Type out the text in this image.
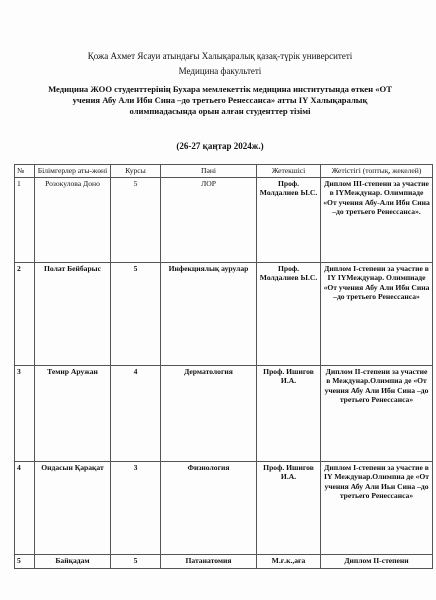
Қожа Ахмет Ясауи атындағы Халықаралық қазақ-түрік университеті
Медицина факультеті
Медицина ЖОО студенттерінің Бухара мемлекеттік медицина институтында өткен «ОТ учения Абу Али Ибн Сина –до третьего Ренессанса» атты ІҮ Халықаралық олимпиадасында орын алған студенттер тізімі
(26-27 қаңтар 2024ж.)
№	Білімгерлер аты-жөні	Курсы	Пәні	Жетекшісі	Жетістігі (топтық, жекелей)
1	Розокулова Доно	5	ЛОР	Проф. Молдалиев Ы.С.	Диплом ІІІ-степени за участие в ІҮМеждунар. Олимпиаде «От учения Абу-Али Ибн Сина –до третьего Ренессанса».
2	Полат Бейбарыс	5	Инфекциялық аурулар	Проф. Молдалиев Ы.С.	Диплом І-степени за участие в ІҮ ІҮМеждунар. Олимпиаде «От учения Абу Али Ибн Сина –до третьего Ренессанса»
3	Темир Аружан	4	Дерматология	Проф. Ишигов И.А.	Диплом ІІ-степени за участие в Междунар.Олимпиа де «От учения Абу Али Ибн Сина –до третьего Ренессанса»
4	Ондасын Қарақат	3	Физиология	Проф. Ишигов И.А.	Диплом І-степени за участие в ІҮ Междунар.Олимпиа де «От учения Абу Али Иьн Сина –до третьего Ренессанса»
5	Байқадам	5	Патанатомия	М.ғ.к.,аға	Диплом ІІ-степени
